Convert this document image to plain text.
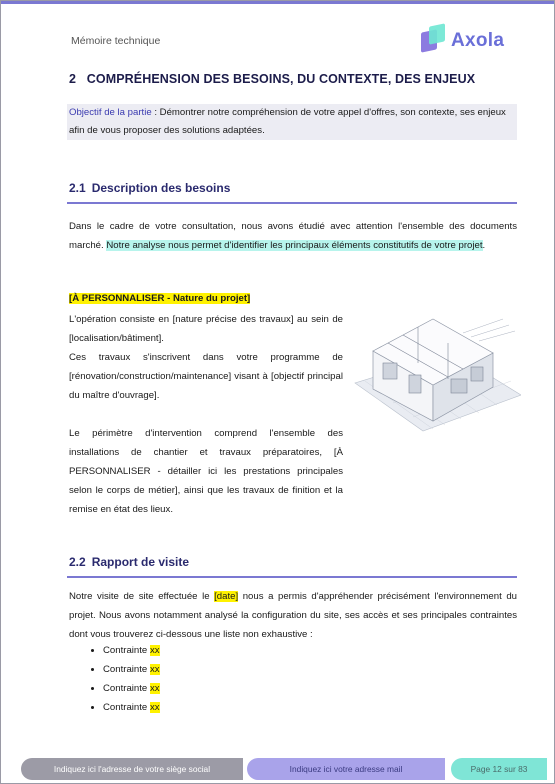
Mémoire technique	Axola
2 COMPRÉHENSION DES BESOINS, DU CONTEXTE, DES ENJEUX
Objectif de la partie : Démontrer notre compréhension de votre appel d'offres, son contexte, ses enjeux afin de vous proposer des solutions adaptées.
2.1 Description des besoins

Dans le cadre de votre consultation, nous avons étudié avec attention l'ensemble des documents marché. Notre analyse nous permet d'identifier les principaux éléments constitutifs de votre projet.

[À PERSONNALISER - Nature du projet]

L'opération consiste en [nature précise des travaux] au sein de [localisation/bâtiment].

Ces travaux s'inscrivent dans votre programme de [rénovation/construction/maintenance] visant à [objectif principal du maître d'ouvrage].

Le périmètre d'intervention comprend l'ensemble des installations de chantier et travaux préparatoires, [À PERSONNALISER - détailler ici les prestations principales selon le corps de métier], ainsi que les travaux de finition et la remise en état des lieux.

2.2 Rapport de visite

Notre visite de site effectuée le [date] nous a permis d'appréhender précisément l'environnement du projet. Nous avons notamment analysé la configuration du site, ses accès et ses principales contraintes dont vous trouverez ci-dessous une liste non exhaustive :

• Contrainte xx
• Contrainte xx
• Contrainte xx
• Contrainte xx
Indiquez ici l'adresse de votre siège social	Indiquez ici votre adresse mail	Page 12 sur 83
